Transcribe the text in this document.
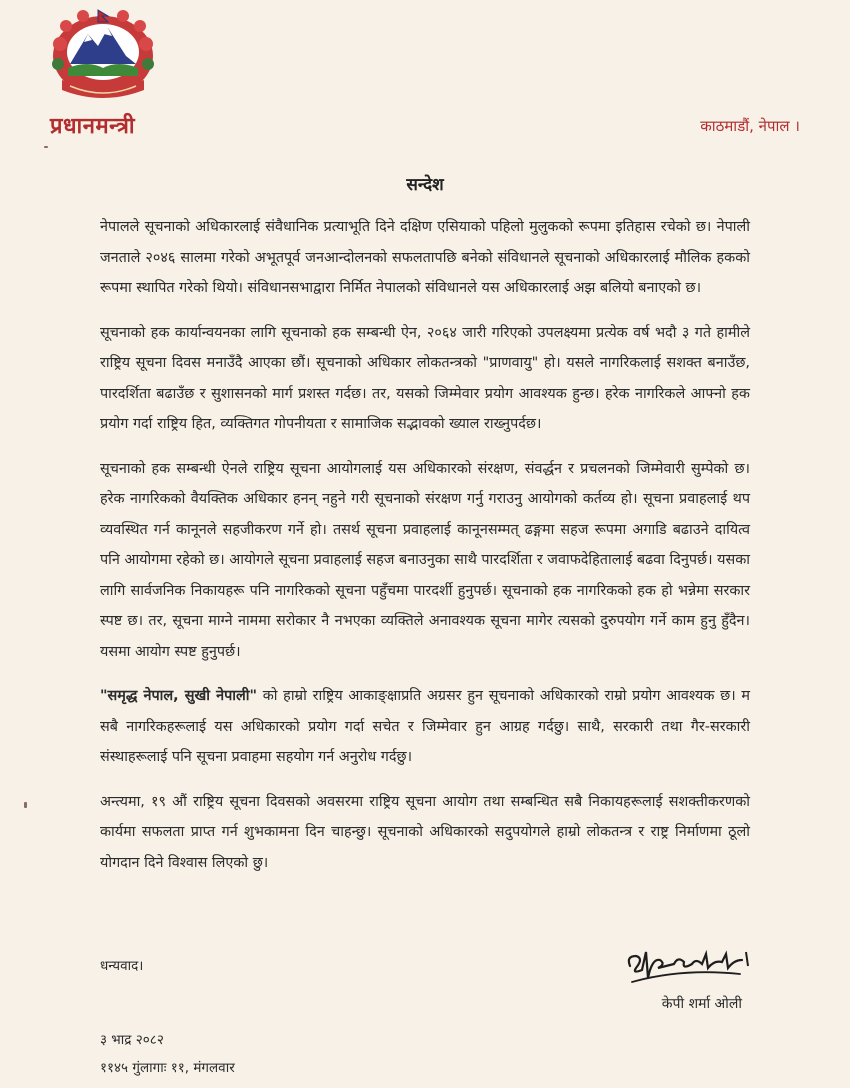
प्रधानमन्त्री	काठमाडौं, नेपाल ।
सन्देश

नेपालले सूचनाको अधिकारलाई संवैधानिक प्रत्याभूति दिने दक्षिण एसियाको पहिलो मुलुकको रूपमा इतिहास रचेको छ। नेपाली जनताले २०४६ सालमा गरेको अभूतपूर्व जनआन्दोलनको सफलतापछि बनेको संविधानले सूचनाको अधिकारलाई मौलिक हकको रूपमा स्थापित गरेको थियो। संविधानसभाद्वारा निर्मित नेपालको संविधानले यस अधिकारलाई अझ बलियो बनाएको छ।

सूचनाको हक कार्यान्वयनका लागि सूचनाको हक सम्बन्धी ऐन, २०६४ जारी गरिएको उपलक्ष्यमा प्रत्येक वर्ष भदौ ३ गते हामीले राष्ट्रिय सूचना दिवस मनाउँदै आएका छौं। सूचनाको अधिकार लोकतन्त्रको "प्राणवायु" हो। यसले नागरिकलाई सशक्त बनाउँछ, पारदर्शिता बढाउँछ र सुशासनको मार्ग प्रशस्त गर्दछ। तर, यसको जिम्मेवार प्रयोग आवश्यक हुन्छ। हरेक नागरिकले आफ्नो हक प्रयोग गर्दा राष्ट्रिय हित, व्यक्तिगत गोपनीयता र सामाजिक सद्भावको ख्याल राख्नुपर्दछ।

सूचनाको हक सम्बन्धी ऐनले राष्ट्रिय सूचना आयोगलाई यस अधिकारको संरक्षण, संवर्द्धन र प्रचलनको जिम्मेवारी सुम्पेको छ। हरेक नागरिकको वैयक्तिक अधिकार हनन् नहुने गरी सूचनाको संरक्षण गर्नु गराउनु आयोगको कर्तव्य हो। सूचना प्रवाहलाई थप व्यवस्थित गर्न कानूनले सहजीकरण गर्ने हो। तसर्थ सूचना प्रवाहलाई कानूनसम्मत् ढङ्गमा सहज रूपमा अगाडि बढाउने दायित्व पनि आयोगमा रहेको छ। आयोगले सूचना प्रवाहलाई सहज बनाउनुका साथै पारदर्शिता र जवाफदेहितालाई बढवा दिनुपर्छ। यसका लागि सार्वजनिक निकायहरू पनि नागरिकको सूचना पहुँचमा पारदर्शी हुनुपर्छ। सूचनाको हक नागरिकको हक हो भन्नेमा सरकार स्पष्ट छ। तर, सूचना माग्ने नाममा सरोकार नै नभएका व्यक्तिले अनावश्यक सूचना मागेर त्यसको दुरुपयोग गर्ने काम हुनु हुँदैन। यसमा आयोग स्पष्ट हुनुपर्छ।

"समृद्ध नेपाल, सुखी नेपाली" को हाम्रो राष्ट्रिय आकाङ्क्षाप्रति अग्रसर हुन सूचनाको अधिकारको राम्रो प्रयोग आवश्यक छ। म सबै नागरिकहरूलाई यस अधिकारको प्रयोग गर्दा सचेत र जिम्मेवार हुन आग्रह गर्दछु। साथै, सरकारी तथा गैर-सरकारी संस्थाहरूलाई पनि सूचना प्रवाहमा सहयोग गर्न अनुरोध गर्दछु।

अन्त्यमा, १९ औं राष्ट्रिय सूचना दिवसको अवसरमा राष्ट्रिय सूचना आयोग तथा सम्बन्धित सबै निकायहरूलाई सशक्तीकरणको कार्यमा सफलता प्राप्त गर्न शुभकामना दिन चाहन्छु। सूचनाको अधिकारको सदुपयोगले हाम्रो लोकतन्त्र र राष्ट्र निर्माणमा ठूलो योगदान दिने विश्वास लिएको छु।

धन्यवाद।
केपी शर्मा ओली
३ भाद्र २०८२
११४५ गुंलागाः ११, मंगलवार
